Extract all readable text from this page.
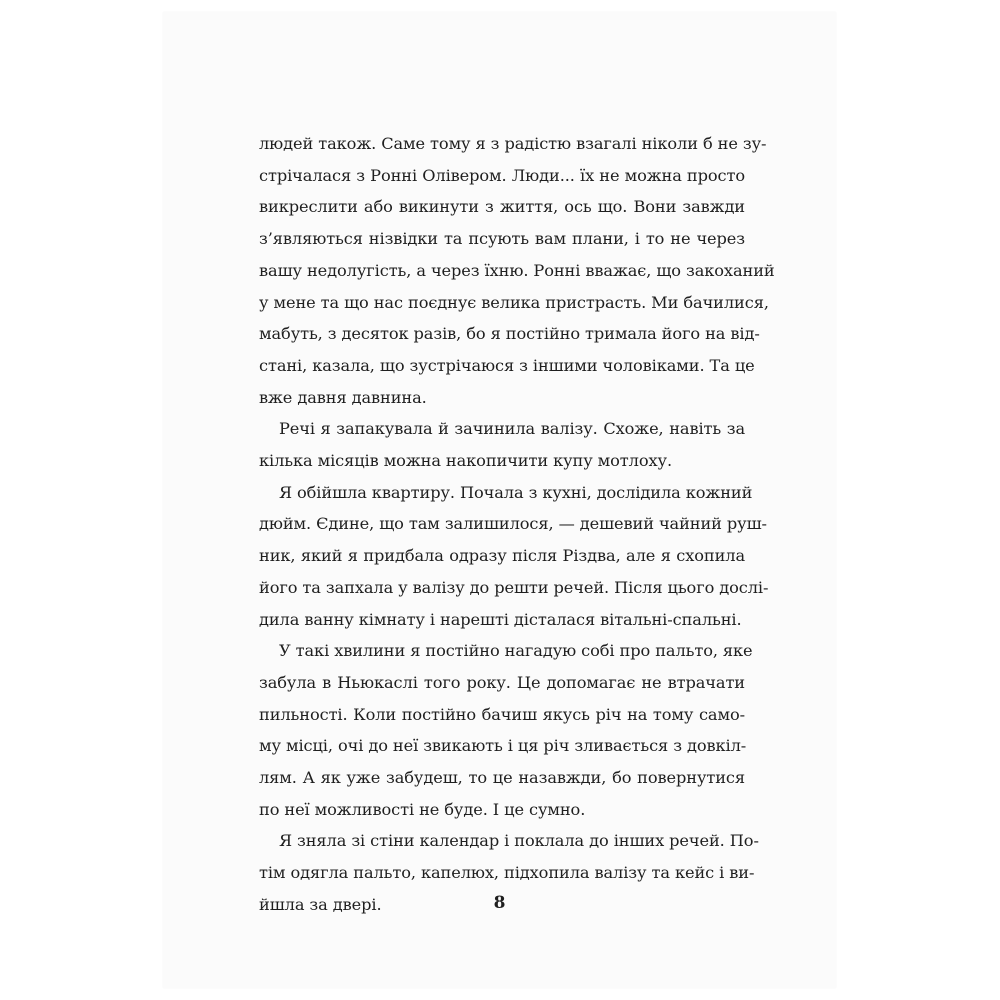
людей також. Саме тому я з радістю взагалі ніколи б не зу-
стрічалася з Ронні Олівером. Люди... їх не можна просто
викреслити або викинути з життя, ось що. Вони завжди
з’являються нізвідки та псують вам плани, і то не через
вашу недолугість, а через їхню. Ронні вважає, що закоханий
у мене та що нас поєднує велика пристрасть. Ми бачилися,
мабуть, з десяток разів, бо я постійно тримала його на від-
стані, казала, що зустрічаюся з іншими чоловіками. Та це
вже давня давнина.
Речі я запакувала й зачинила валізу. Схоже, навіть за
кілька місяців можна накопичити купу мотлоху.
Я обійшла квартиру. Почала з кухні, дослідила кожний
дюйм. Єдине, що там залишилося, — дешевий чайний руш-
ник, який я придбала одразу після Різдва, але я схопила
його та запхала у валізу до решти речей. Після цього дослі-
дила ванну кімнату і нарешті дісталася вітальні-спальні.
У такі хвилини я постійно нагадую собі про пальто, яке
забула в Ньюкаслі того року. Це допомагає не втрачати
пильності. Коли постійно бачиш якусь річ на тому само-
му місці, очі до неї звикають і ця річ зливається з довкіл-
лям. А як уже забудеш, то це назавжди, бо повернутися
по неї можливості не буде. І це сумно.
Я зняла зі стіни календар і поклала до інших речей. По-
тім одягла пальто, капелюх, підхопила валізу та кейс і ви-
йшла за двері.	8
